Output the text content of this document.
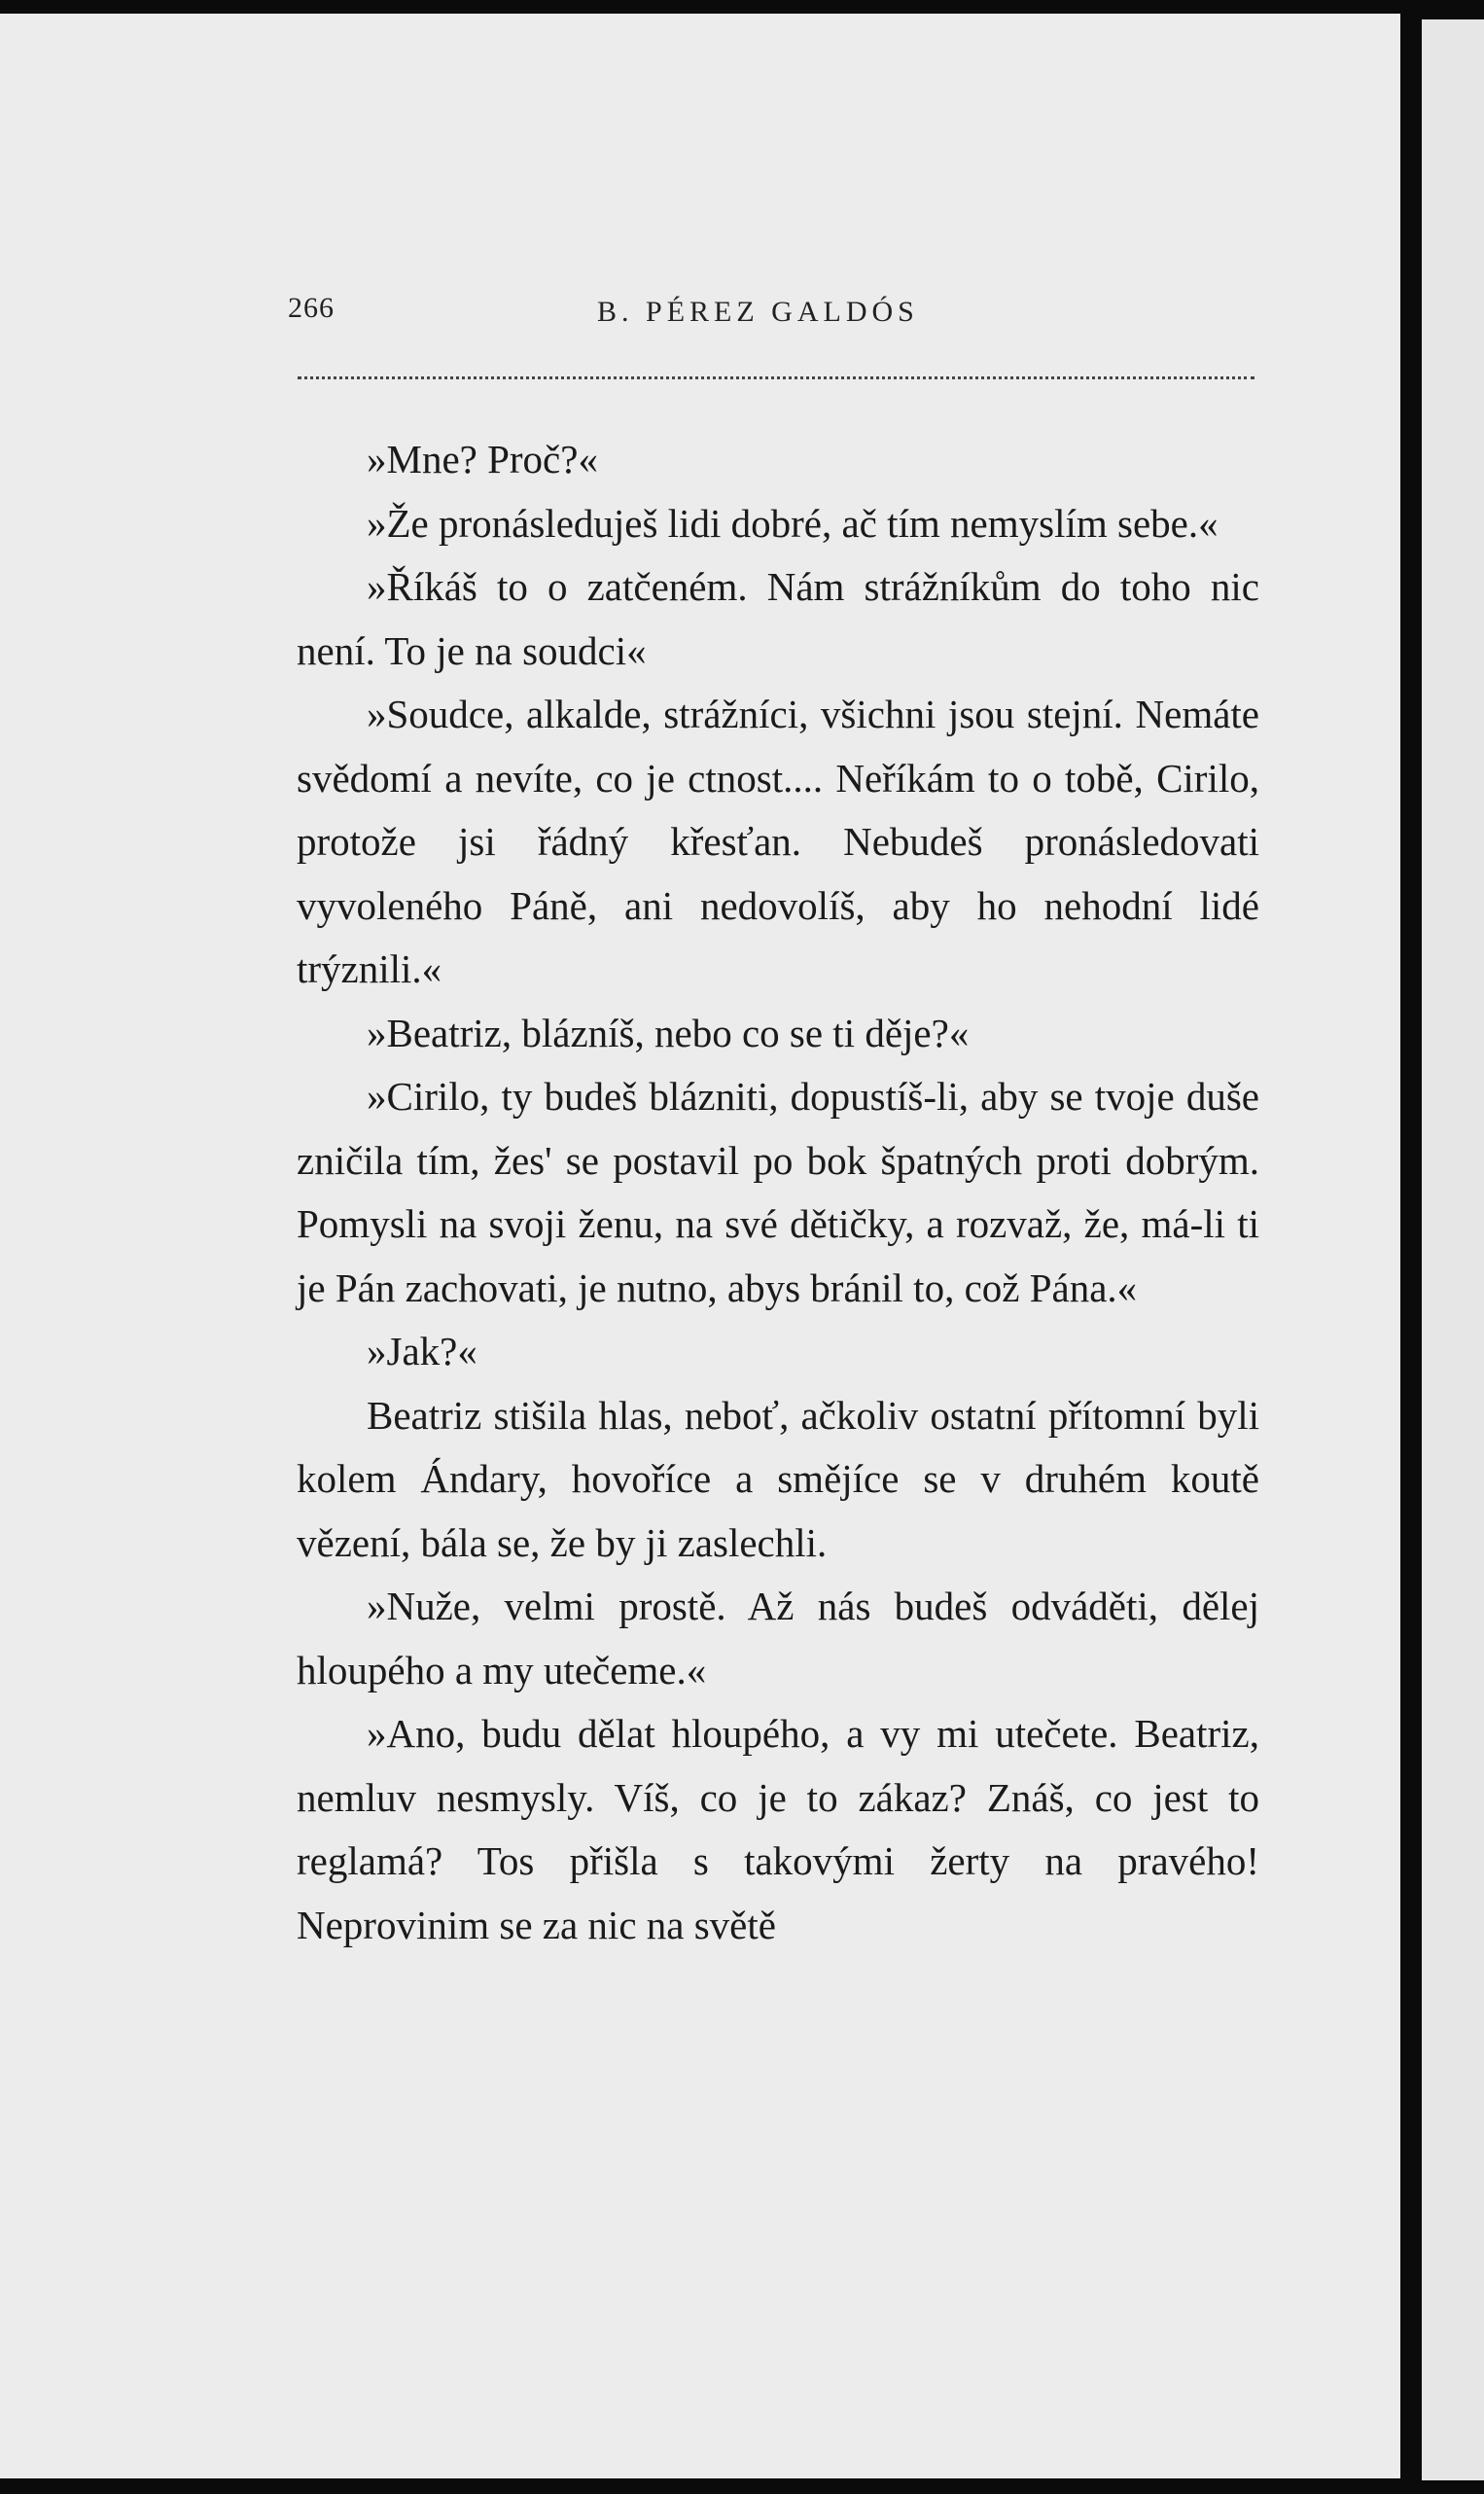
266	B. PÉREZ GALDÓS

»Mne? Proč?«

»Že pronásleduješ lidi dobré, ač tím nemyslím sebe.«

»Říkáš to o zatčeném. Nám strážníkům do toho nic není. To je na soudci«

»Soudce, alkalde, strážníci, všichni jsou stejní. Nemáte svědomí a nevíte, co je ctnost.... Neříkám to o tobě, Cirilo, protože jsi řádný křesťan. Nebudeš pronásledovati vyvoleného Páně, ani nedovolíš, aby ho nehodní lidé trýznili.«

»Beatriz, blázníš, nebo co se ti děje?«

»Cirilo, ty budeš blázniti, dopustíš-li, aby se tvoje duše zničila tím, žes' se postavil po bok špatných proti dobrým. Pomysli na svoji ženu, na své dětičky, a rozvaž, že, má-li ti je Pán zachovati, je nutno, abys bránil to, což Pána.«

»Jak?«

Beatriz stišila hlas, neboť, ačkoliv ostatní přítomní byli kolem Ándary, hovoříce a smějíce se v druhém koutě vězení, bála se, že by ji zaslechli.

»Nuže, velmi prostě. Až nás budeš odváděti, dělej hloupého a my utečeme.«

»Ano, budu dělat hloupého, a vy mi utečete. Beatriz, nemluv nesmysly. Víš, co je to zákaz? Znáš, co jest to reglamá? Tos přišla s takovými žerty na pravého! Neprovinim se za nic na světě
